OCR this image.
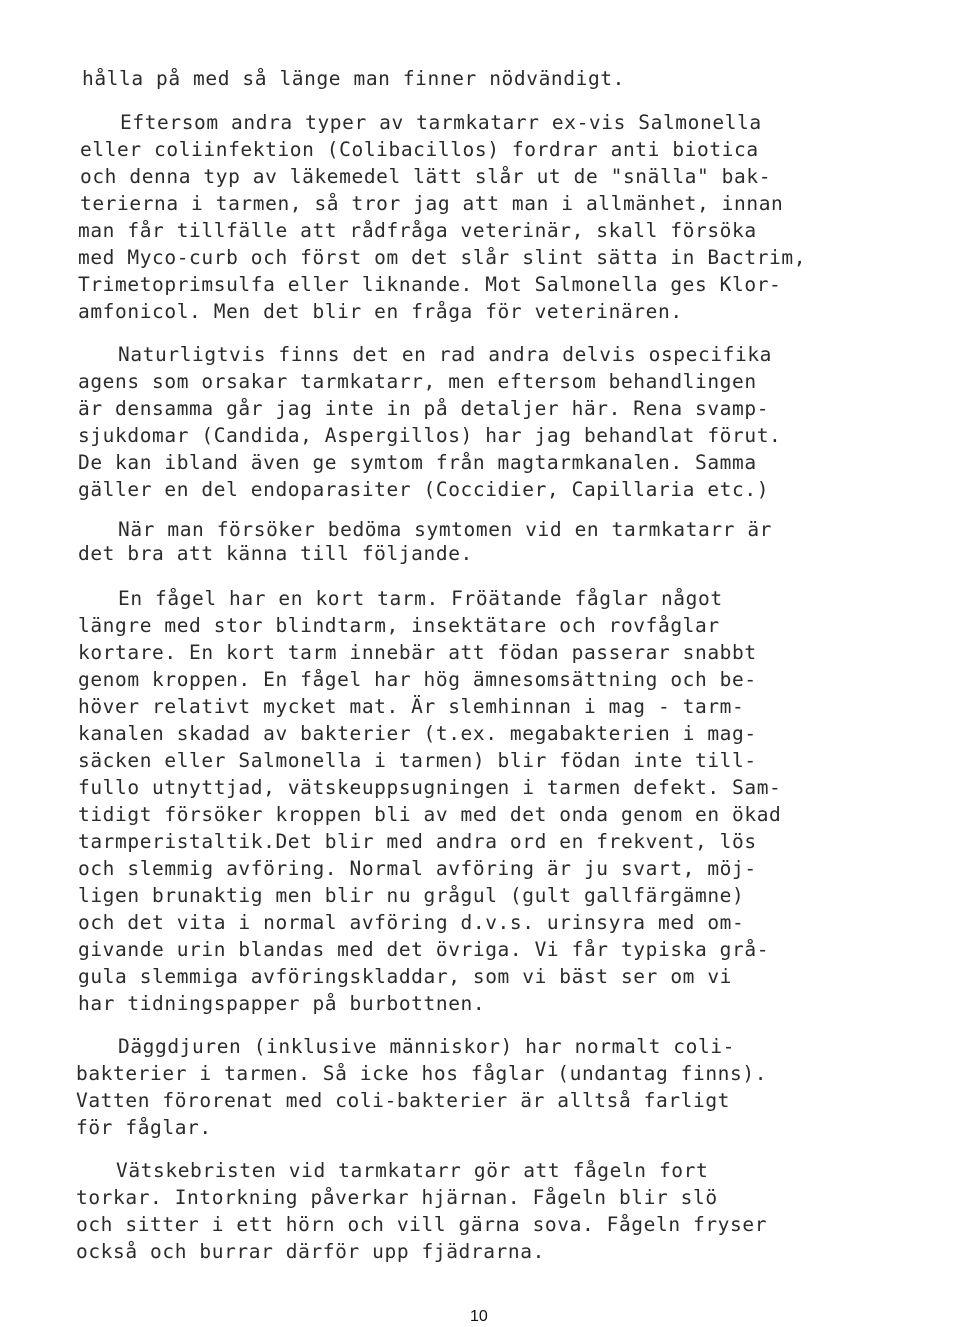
hålla på med så länge man finner nödvändigt.
Eftersom andra typer av tarmkatarr ex-vis Salmonella
eller coliinfektion (Colibacillos) fordrar anti biotica
och denna typ av läkemedel lätt slår ut de "snälla" bak-
terierna i tarmen, så tror jag att man i allmänhet, innan
man får tillfälle att rådfråga veterinär, skall försöka
med Myco-curb och först om det slår slint sätta in Bactrim,
Trimetoprimsulfa eller liknande. Mot Salmonella ges Klor-
amfonicol. Men det blir en fråga för veterinären.
Naturligtvis finns det en rad andra delvis ospecifika
agens som orsakar tarmkatarr, men eftersom behandlingen
är densamma går jag inte in på detaljer här. Rena svamp-
sjukdomar (Candida, Aspergillos) har jag behandlat förut.
De kan ibland även ge symtom från magtarmkanalen. Samma
gäller en del endoparasiter (Coccidier, Capillaria etc.)
När man försöker bedöma symtomen vid en tarmkatarr är
det bra att känna till följande.
En fågel har en kort tarm. Fröätande fåglar något
längre med stor blindtarm, insektätare och rovfåglar
kortare. En kort tarm innebär att födan passerar snabbt
genom kroppen. En fågel har hög ämnesomsättning och be-
höver relativt mycket mat. Är slemhinnan i mag - tarm-
kanalen skadad av bakterier (t.ex. megabakterien i mag-
säcken eller Salmonella i tarmen) blir födan inte till-
fullo utnyttjad, vätskeuppsugningen i tarmen defekt. Sam-
tidigt försöker kroppen bli av med det onda genom en ökad
tarmperistaltik.Det blir med andra ord en frekvent, lös
och slemmig avföring. Normal avföring är ju svart, möj-
ligen brunaktig men blir nu grågul (gult gallfärgämne)
och det vita i normal avföring d.v.s. urinsyra med om-
givande urin blandas med det övriga. Vi får typiska grå-
gula slemmiga avföringskladdar, som vi bäst ser om vi
har tidningspapper på burbottnen.
Däggdjuren (inklusive människor) har normalt coli-
bakterier i tarmen. Så icke hos fåglar (undantag finns).
Vatten förorenat med coli-bakterier är alltså farligt
för fåglar.
Vätskebristen vid tarmkatarr gör att fågeln fort
torkar. Intorkning påverkar hjärnan. Fågeln blir slö
och sitter i ett hörn och vill gärna sova. Fågeln fryser
också och burrar därför upp fjädrarna.
10
